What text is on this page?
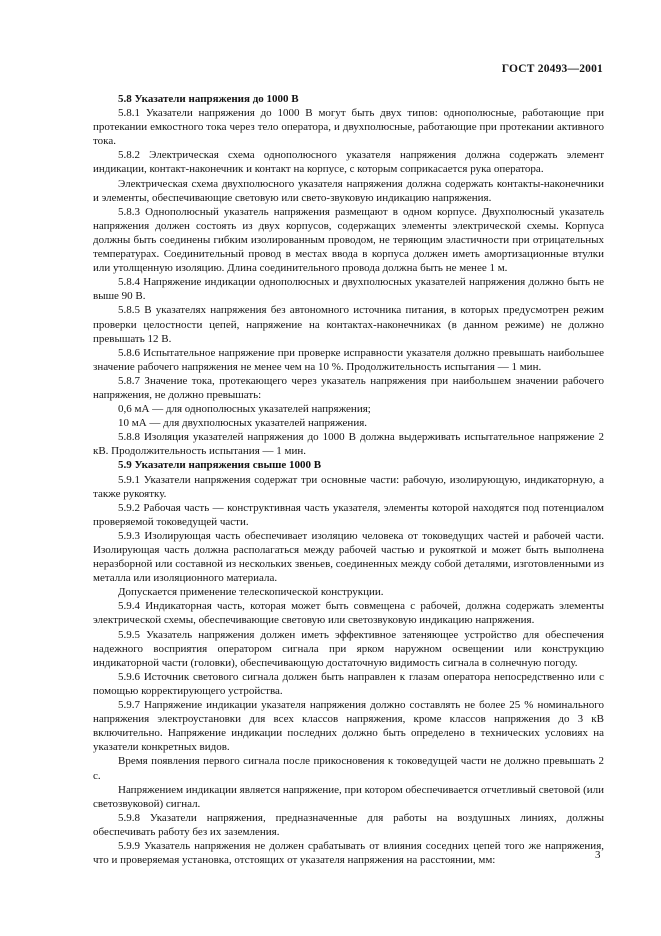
ГОСТ 20493—2001

5.8 Указатели напряжения до 1000 В

5.8.1 Указатели напряжения до 1000 В могут быть двух типов: однополюсные, работающие при протекании емкостного тока через тело оператора, и двухполюсные, работающие при протекании активного тока.

5.8.2 Электрическая схема однополюсного указателя напряжения должна содержать элемент индикации, контакт-наконечник и контакт на корпусе, с которым соприкасается рука оператора.

Электрическая схема двухполюсного указателя напряжения должна содержать контакты-наконечники и элементы, обеспечивающие световую или свето-звуковую индикацию напряжения.

5.8.3 Однополюсный указатель напряжения размещают в одном корпусе. Двухполюсный указатель напряжения должен состоять из двух корпусов, содержащих элементы электрической схемы. Корпуса должны быть соединены гибким изолированным проводом, не теряющим эластичности при отрицательных температурах. Соединительный провод в местах ввода в корпуса должен иметь амортизационные втулки или утолщенную изоляцию. Длина соединительного провода должна быть не менее 1 м.

5.8.4 Напряжение индикации однополюсных и двухполюсных указателей напряжения должно быть не выше 90 В.

5.8.5 В указателях напряжения без автономного источника питания, в которых предусмотрен режим проверки целостности цепей, напряжение на контактах-наконечниках (в данном режиме) не должно превышать 12 В.

5.8.6 Испытательное напряжение при проверке исправности указателя должно превышать наибольшее значение рабочего напряжения не менее чем на 10 %. Продолжительность испытания — 1 мин.

5.8.7 Значение тока, протекающего через указатель напряжения при наибольшем значении рабочего напряжения, не должно превышать:

0,6 мА — для однополюсных указателей напряжения;

10 мА — для двухполюсных указателей напряжения.

5.8.8 Изоляция указателей напряжения до 1000 В должна выдерживать испытательное напряжение 2 кВ. Продолжительность испытания — 1 мин.

5.9 Указатели напряжения свыше 1000 В

5.9.1 Указатели напряжения содержат три основные части: рабочую, изолирующую, индикаторную, а также рукоятку.

5.9.2 Рабочая часть — конструктивная часть указателя, элементы которой находятся под потенциалом проверяемой токоведущей части.

5.9.3 Изолирующая часть обеспечивает изоляцию человека от токоведущих частей и рабочей части. Изолирующая часть должна располагаться между рабочей частью и рукояткой и может быть выполнена неразборной или составной из нескольких звеньев, соединенных между собой деталями, изготовленными из металла или изоляционного материала.

Допускается применение телескопической конструкции.

5.9.4 Индикаторная часть, которая может быть совмещена с рабочей, должна содержать элементы электрической схемы, обеспечивающие световую или светозвуковую индикацию напряжения.

5.9.5 Указатель напряжения должен иметь эффективное затеняющее устройство для обеспечения надежного восприятия оператором сигнала при ярком наружном освещении или конструкцию индикаторной части (головки), обеспечивающую достаточную видимость сигнала в солнечную погоду.

5.9.6 Источник светового сигнала должен быть направлен к глазам оператора непосредственно или с помощью корректирующего устройства.

5.9.7 Напряжение индикации указателя напряжения должно составлять не более 25 % номинального напряжения электроустановки для всех классов напряжения, кроме классов напряжения до 3 кВ включительно. Напряжение индикации последних должно быть определено в технических условиях на указатели конкретных видов.

Время появления первого сигнала после прикосновения к токоведущей части не должно превышать 2 с.

Напряжением индикации является напряжение, при котором обеспечивается отчетливый световой (или светозвуковой) сигнал.

5.9.8 Указатели напряжения, предназначенные для работы на воздушных линиях, должны обеспечивать работу без их заземления.

5.9.9 Указатель напряжения не должен срабатывать от влияния соседних цепей того же напряжения, что и проверяемая установка, отстоящих от указателя напряжения на расстоянии, мм:	3
